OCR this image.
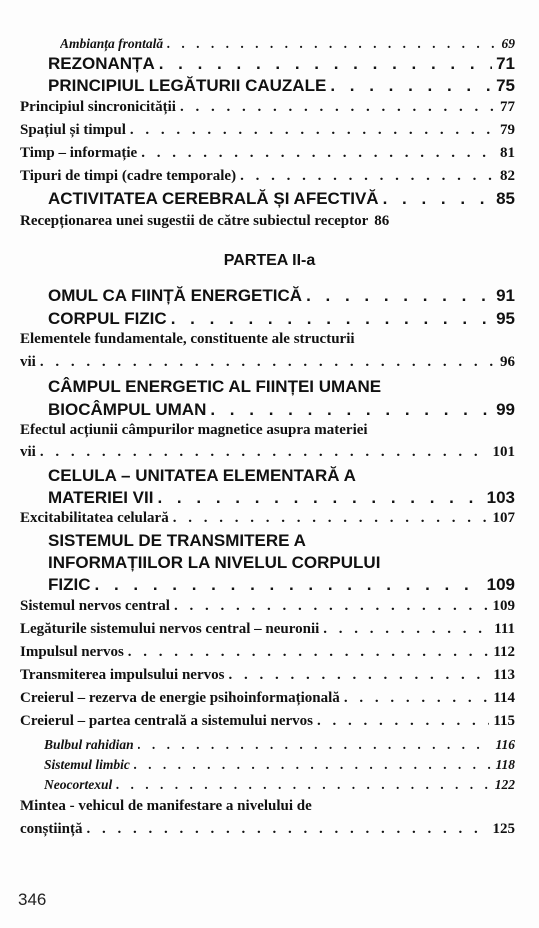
Ambianța frontală . . .	69
REZONANȚA . . .	71
PRINCIPIUL LEGĂTURII CAUZALE . . .	75
Principiul sincronicității . . .	77
Spațiul și timpul . . .	79
Timp – informație . . .	81
Tipuri de timpi (cadre temporale) . . .	82
ACTIVITATEA CEREBRALĂ ȘI AFECTIVĂ . . .	85
Recepționarea unei sugestii de către subiectul receptor 86
PARTEA II-a
OMUL CA FIINȚĂ ENERGETICĂ . . .	91
CORPUL FIZIC . . .	95
Elementele fundamentale, constituente ale structurii
vii . . .	96
CÂMPUL ENERGETIC AL FIINȚEI UMANE
BIOCÂMPUL UMAN . . .	99
Efectul acțiunii câmpurilor magnetice asupra materiei
vii . . .	101
CELULA – UNITATEA ELEMENTARĂ A
MATERIEI VII . . .	103
Excitabilitatea celulară . . .	107
SISTEMUL DE TRANSMITERE A
INFORMAȚIILOR LA NIVELUL CORPULUI
FIZIC . . .	109
Sistemul nervos central . . .	109
Legăturile sistemului nervos central – neuronii . . .	111
Impulsul nervos . . .	112
Transmiterea impulsului nervos . . .	113
Creierul – rezerva de energie psihoinformațională . . .	114
Creierul – partea centrală a sistemului nervos . . .	115
Bulbul rahidian . . .	116
Sistemul limbic . . .	118
Neocortexul . . .	122
Mintea - vehicul de manifestare a nivelului de
conștiință . . .	125
346
